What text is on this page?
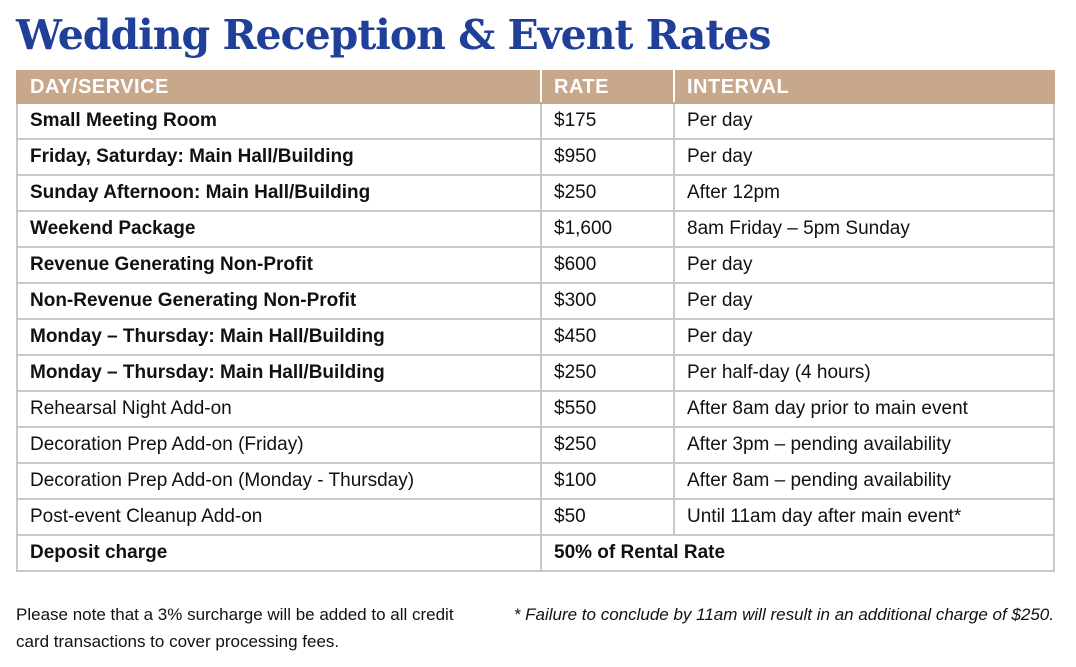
Wedding Reception & Event Rates
DAY/SERVICE	RATE	INTERVAL
Small Meeting Room	$175	Per day
Friday, Saturday: Main Hall/Building	$950	Per day
Sunday Afternoon: Main Hall/Building	$250	After 12pm
Weekend Package	$1,600	8am Friday – 5pm Sunday
Revenue Generating Non-Profit	$600	Per day
Non-Revenue Generating Non-Profit	$300	Per day
Monday – Thursday: Main Hall/Building	$450	Per day
Monday – Thursday: Main Hall/Building	$250	Per half-day (4 hours)
Rehearsal Night Add-on	$550	After 8am day prior to main event
Decoration Prep Add-on (Friday)	$250	After 3pm – pending availability
Decoration Prep Add-on (Monday - Thursday)	$100	After 8am – pending availability
Post-event Cleanup Add-on	$50	Until 11am day after main event*
Deposit charge	50% of Rental Rate	
Please note that a 3% surcharge will be added to all credit card transactions to cover processing fees.
* Failure to conclude by 11am will result in an additional charge of $250.
